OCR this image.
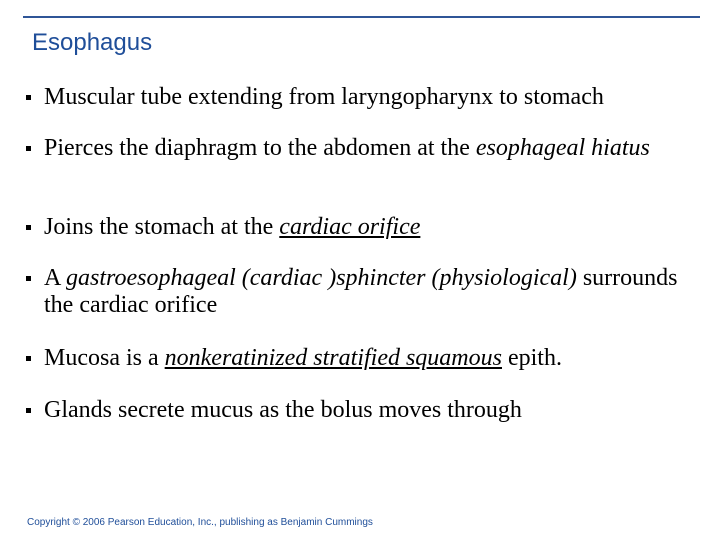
Esophagus
Muscular tube extending from laryngopharynx to stomach
Pierces the diaphragm to the abdomen at the esophageal hiatus
Joins the stomach at the cardiac orifice
A gastroesophageal (cardiac )sphincter (physiological) surrounds the cardiac orifice
Mucosa is a nonkeratinized stratified squamous epith.
Glands secrete mucus as the bolus moves through
Copyright © 2006 Pearson Education, Inc., publishing as Benjamin Cummings
